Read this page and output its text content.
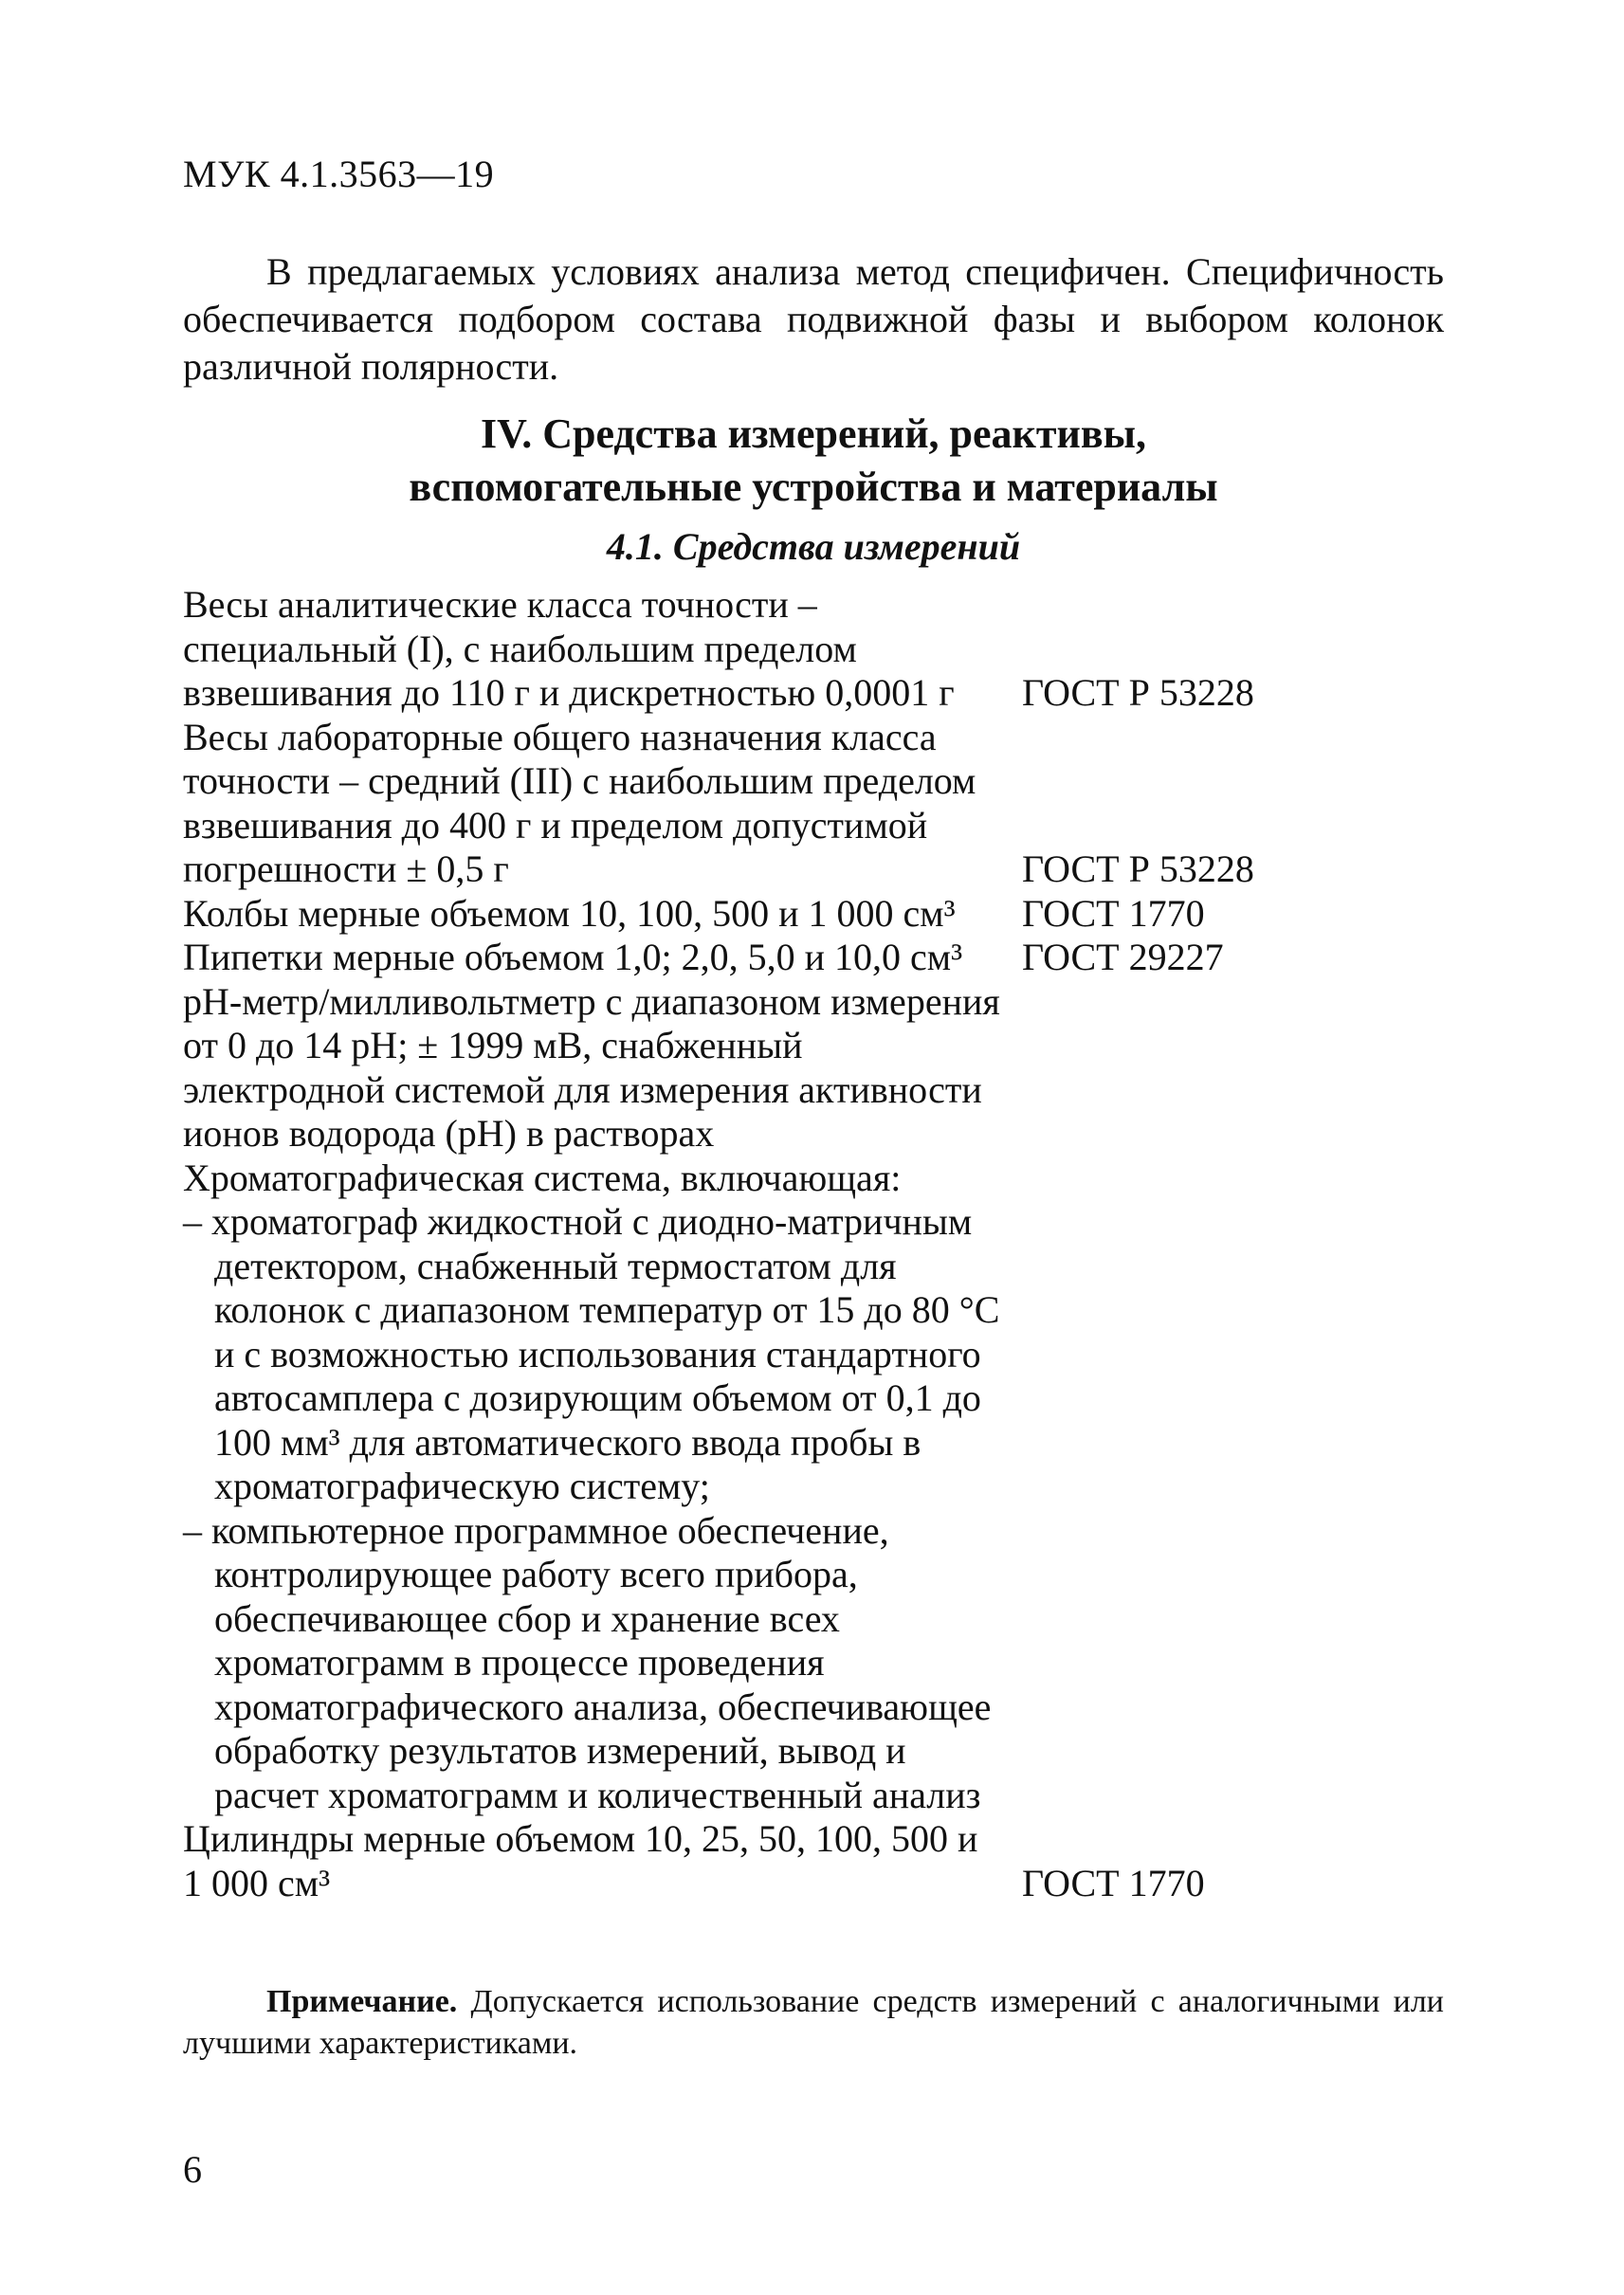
МУК 4.1.3563—19
В предлагаемых условиях анализа метод специфичен. Специфичность обеспечивается подбором состава подвижной фазы и выбором колонок различной полярности.
IV. Средства измерений, реактивы,
вспомогательные устройства и материалы
4.1. Средства измерений
Весы аналитические класса точности – специальный (I), с наибольшим пределом взвешивания до 110 г и дискретностью 0,0001 г	ГОСТ Р 53228
Весы лабораторные общего назначения класса точности – средний (III) с наибольшим пределом взвешивания до 400 г и пределом допустимой погрешности ± 0,5 г	ГОСТ Р 53228
Колбы мерные объемом 10, 100, 500 и 1 000 см³	ГОСТ 1770
Пипетки мерные объемом 1,0; 2,0, 5,0 и 10,0 см³	ГОСТ 29227
pH-метр/милливольтметр с диапазоном измерения от 0 до 14 pH; ± 1999 мВ, снабженный электродной системой для измерения активности ионов водорода (pH) в растворах
Хроматографическая система, включающая:
– хроматограф жидкостной с диодно-матричным детектором, снабженный термостатом для колонок с диапазоном температур от 15 до 80 °С и с возможностью использования стандартного автосамплера с дозирующим объемом от 0,1 до 100 мм³ для автоматического ввода пробы в хроматографическую систему;
– компьютерное программное обеспечение, контролирующее работу всего прибора, обеспечивающее сбор и хранение всех хроматограмм в процессе проведения хроматографического анализа, обеспечивающее обработку результатов измерений, вывод и расчет хроматограмм и количественный анализ
Цилиндры мерные объемом 10, 25, 50, 100, 500 и 1 000 см³	ГОСТ 1770
Примечание. Допускается использование средств измерений с аналогичными или лучшими характеристиками.
6
